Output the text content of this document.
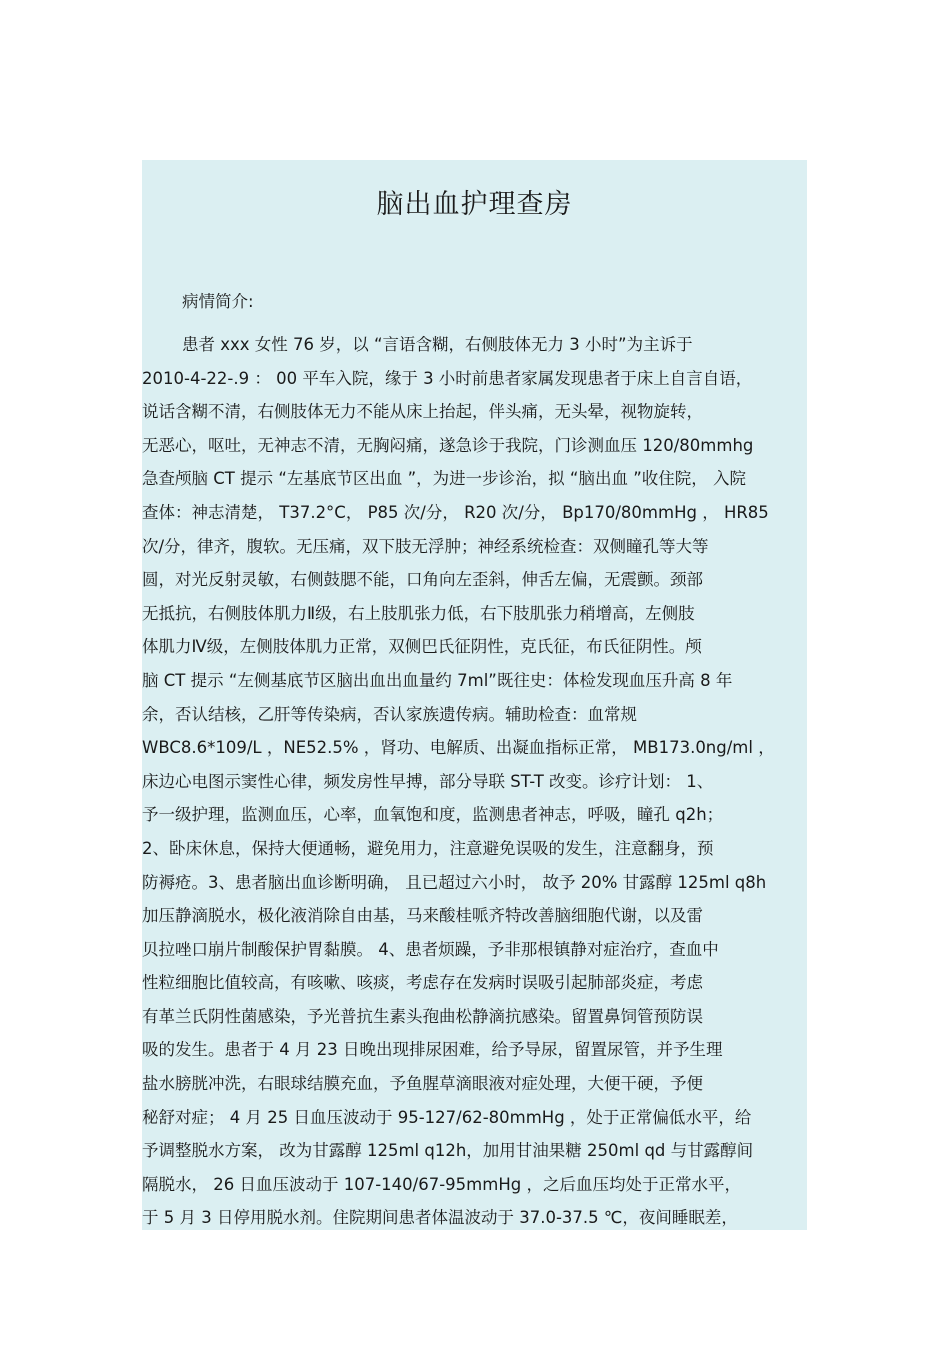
脑出血护理查房
病情简介:
患者 xxx 女性 76 岁，以 “言语含糊，右侧肢体无力 3 小时”为主诉于
2010-4-22-.9 ： 00 平车入院，缘于 3 小时前患者家属发现患者于床上自言自语，
说话含糊不清，右侧肢体无力不能从床上抬起，伴头痛，无头晕，视物旋转，
无恶心，呕吐，无神志不清，无胸闷痛，遂急诊于我院，门诊测血压 120/80mmhg
急查颅脑 CT 提示 “左基底节区出血 ”，为进一步诊治，拟 “脑出血 ”收住院， 入院
查体：神志清楚， T37.2°C， P85 次/分， R20 次/分， Bp170/80mmHg ， HR85
次/分，律齐，腹软。无压痛，双下肢无浮肿；神经系统检查：双侧瞳孔等大等
圆，对光反射灵敏，右侧鼓腮不能，口角向左歪斜，伸舌左偏，无震颤。颈部
无抵抗，右侧肢体肌力Ⅱ级，右上肢肌张力低，右下肢肌张力稍增高，左侧肢
体肌力Ⅳ级，左侧肢体肌力正常，双侧巴氏征阴性，克氏征，布氏征阴性。颅
脑 CT 提示 “左侧基底节区脑出血出血量约 7ml”既往史：体检发现血压升高 8 年
余，否认结核，乙肝等传染病，否认家族遗传病。辅助检查：血常规
WBC8.6*109/L ，NE52.5% ，肾功、电解质、出凝血指标正常， MB173.0ng/ml ，
床边心电图示窦性心律，频发房性早搏，部分导联 ST-T 改变。诊疗计划： 1、
予一级护理，监测血压，心率，血氧饱和度，监测患者神志，呼吸，瞳孔 q2h；
2、卧床休息，保持大便通畅，避免用力，注意避免误吸的发生，注意翻身，预
防褥疮。3、患者脑出血诊断明确， 且已超过六小时， 故予 20% 甘露醇 125ml q8h
加压静滴脱水，极化液消除自由基，马来酸桂哌齐特改善脑细胞代谢，以及雷
贝拉唑口崩片制酸保护胃黏膜。 4、患者烦躁，予非那根镇静对症治疗，查血中
性粒细胞比值较高，有咳嗽、咳痰，考虑存在发病时误吸引起肺部炎症，考虑
有革兰氏阴性菌感染，予光普抗生素头孢曲松静滴抗感染。留置鼻饲管预防误
吸的发生。患者于 4 月 23 日晚出现排尿困难，给予导尿，留置尿管，并予生理
盐水膀胱冲洗，右眼球结膜充血，予鱼腥草滴眼液对症处理，大便干硬，予便
秘舒对症； 4 月 25 日血压波动于 95-127/62-80mmHg ，处于正常偏低水平，给
予调整脱水方案， 改为甘露醇 125ml q12h，加用甘油果糖 250ml qd 与甘露醇间
隔脱水， 26 日血压波动于 107-140/67-95mmHg ，之后血压均处于正常水平，
于 5 月 3 日停用脱水剂。住院期间患者体温波动于 37.0-37.5 ℃，夜间睡眠差，
